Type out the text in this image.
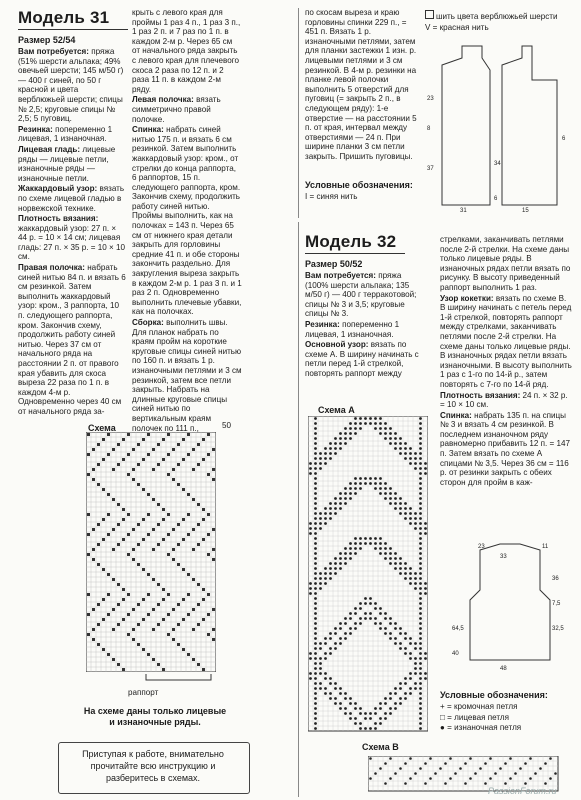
Модель 31
Размер 52/54

Вам потребуется: пряжа (51% шерсти альпака; 49% овечьей шерсти; 145 м/50 г) — 400 г синей, по 50 г красной и цвета верблюжьей шерсти; спицы № 2,5; круговые спицы № 2,5; 5 пуговиц.

Резинка: попеременно 1 лицевая, 1 изнаночная.

Лицевая гладь: лицевые ряды — лицевые петли, изнаночные ряды — изнаночные петли.

Жаккардовый узор: вязать по схеме лицевой гладью в норвежской технике.

Плотность вязания: жаккардовый узор: 27 п. × 44 р. = 10 × 14 см; лицевая гладь: 27 п. × 35 р. = 10 × 10 см.

Правая полочка: набрать синей нитью 84 п. и вязать 6 см резинкой. Затем выполнить жаккардовый узор: кром., 3 раппорта, 10 п. следующего раппорта, кром. Закончив схему, продолжить работу синей нитью. Через 37 см от начального ряда на расстоянии 2 п. от правого края убавить для скоса выреза 22 раза по 1 п. в каждом 4-м р. Одновременно через 40 см от начального ряда за-

крыть с левого края для проймы 1 раз 4 п., 1 раз 3 п., 1 раз 2 п. и 7 раз по 1 п. в каждом 2-м р. Через 65 см от начального ряда закрыть с левого края для плечевого скоса 2 раза по 12 п. и 2 раза 11 п. в каждом 2-м ряду.

Левая полочка: вязать симметрично правой полочке.

Спинка: набрать синей нитью 175 п. и вязать 6 см резинкой. Затем выполнить жаккардовый узор: кром., от стрелки до конца раппорта, 6 раппортов, 15 п. следующего раппорта, кром. Закончив схему, продолжить работу синей нитью. Проймы выполнить, как на полочках = 143 п. Через 65 см от нижнего края детали закрыть для горловины средние 41 п. и обе стороны закончить раздельно. Для закругления выреза закрыть в каждом 2-м р. 1 раз 3 п. и 1 раз 2 п. Одновременно выполнить плечевые убавки, как на полочках.

Сборка: выполнить швы. Для планок набрать по краям пройм на короткие круговые спицы синей нитью по 160 п. и вязать 1 р. изнаночными петлями и 3 см резинкой, затем все петли закрыть. Набрать на длинные круговые спицы синей нитью по вертикальным краям полочек по 111 п.,

по скосам выреза и краю горловины спинки 229 п., = 451 п. Вязать 1 р. изнаночными петлями, затем для планки застежки 1 изн. р. лицевыми петлями и 3 см резинкой. В 4-м р. резинки на планке левой полочки выполнить 5 отверстий для пуговиц (= закрыть 2 п., в следующем ряду): 1-е отверстие — на расстоянии 5 п. от края, интервал между отверстиями — 24 п. При ширине планки 3 см петли закрыть. Пришить пуговицы.

шить цвета верблюжьей шерсти

V = красная нить

23
8
37
34
6
31	15
6
Условные обозначения:
I = синяя нить
Схема	50
раппорт
На схеме даны только лицевые и изнаночные ряды.
Приступая к работе, внимательно прочитайте всю инструкцию и разберитесь в схемах.
Модель 32
Размер 50/52

Вам потребуется: пряжа (100% шерсти альпака; 135 м/50 г) — 400 г терракотовой; спицы № 3 и 3,5; круговые спицы № 3.

Резинка: попеременно 1 лицевая, 1 изнаночная.

Основной узор: вязать по схеме А. В ширину начинать с петли перед 1-й стрелкой, повторять раппорт между

стрелками, заканчивать петлями после 2-й стрелки. На схеме даны только лицевые ряды. В изнаночных рядах петли вязать по рисунку. В высоту приведенный раппорт выполнить 1 раз.

Узор кокетки: вязать по схеме В. В ширину начинать с петель перед 1-й стрелкой, повторять раппорт между стрелками, заканчивать петлями после 2-й стрелки. На схеме даны только лицевые ряды. В изнаночных рядах петли вязать изнаночными. В высоту выполнить 1 раз с 1-го по 14-й р., затем повторять с 7-го по 14-й ряд.

Плотность вязания: 24 п. × 32 р. = 10 × 10 см.

Спинка: набрать 135 п. на спицы № 3 и вязать 4 см резинкой. В последнем изнаночном ряду равномерно прибавить 12 п. = 147 п. Затем вязать по схеме А спицами № 3,5. Через 36 см = 116 р. от резинки закрыть с обеих сторон для пройм в каж-

Схема А
Схема В
23
33
11
36
7,5
32,5
48
64,5
40
Условные обозначения:

+ = кромочная петля

□ = лицевая петля

● = изнаночная петля

PassionForum.ru
